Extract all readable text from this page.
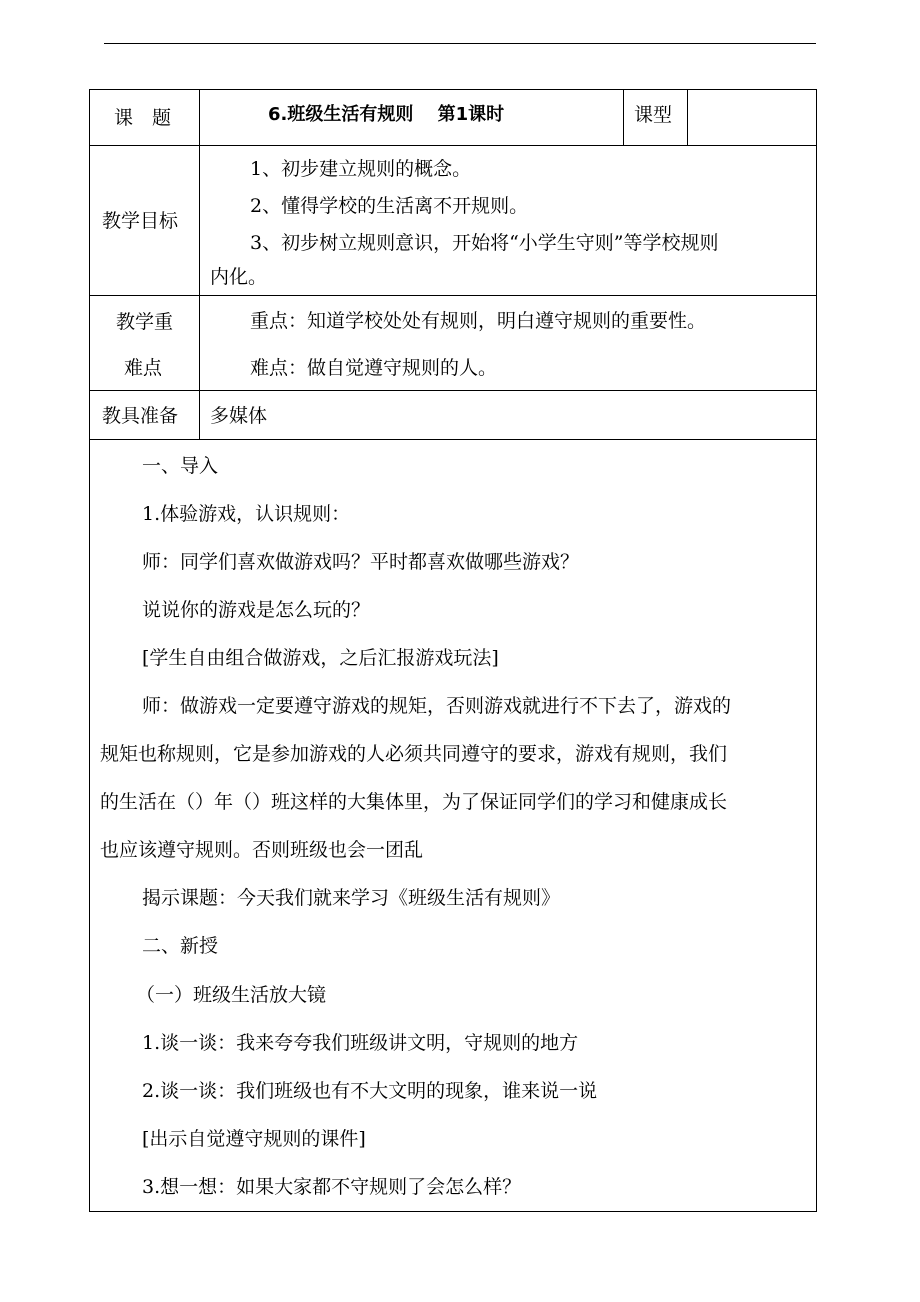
课　题	6.班级生活有规则　 第1课时	课型
教学目标
1、初步建立规则的概念。
2、懂得学校的生活离不开规则。
3、初步树立规则意识，开始将“小学生守则”等学校规则
内化。
教学重
难点
重点：知道学校处处有规则，明白遵守规则的重要性。
难点：做自觉遵守规则的人。
教具准备 多媒体
一、导入
1.体验游戏，认识规则：
师：同学们喜欢做游戏吗？平时都喜欢做哪些游戏？
说说你的游戏是怎么玩的？
[学生自由组合做游戏，之后汇报游戏玩法]
师：做游戏一定要遵守游戏的规矩，否则游戏就进行不下去了，游戏的
规矩也称规则，它是参加游戏的人必须共同遵守的要求，游戏有规则，我们
的生活在（）年（）班这样的大集体里，为了保证同学们的学习和健康成长
也应该遵守规则。否则班级也会一团乱
揭示课题：今天我们就来学习《班级生活有规则》
二、新授
（一）班级生活放大镜
1.谈一谈：我来夸夸我们班级讲文明，守规则的地方
2.谈一谈：我们班级也有不大文明的现象，谁来说一说
[出示自觉遵守规则的课件]
3.想一想：如果大家都不守规则了会怎么样？
